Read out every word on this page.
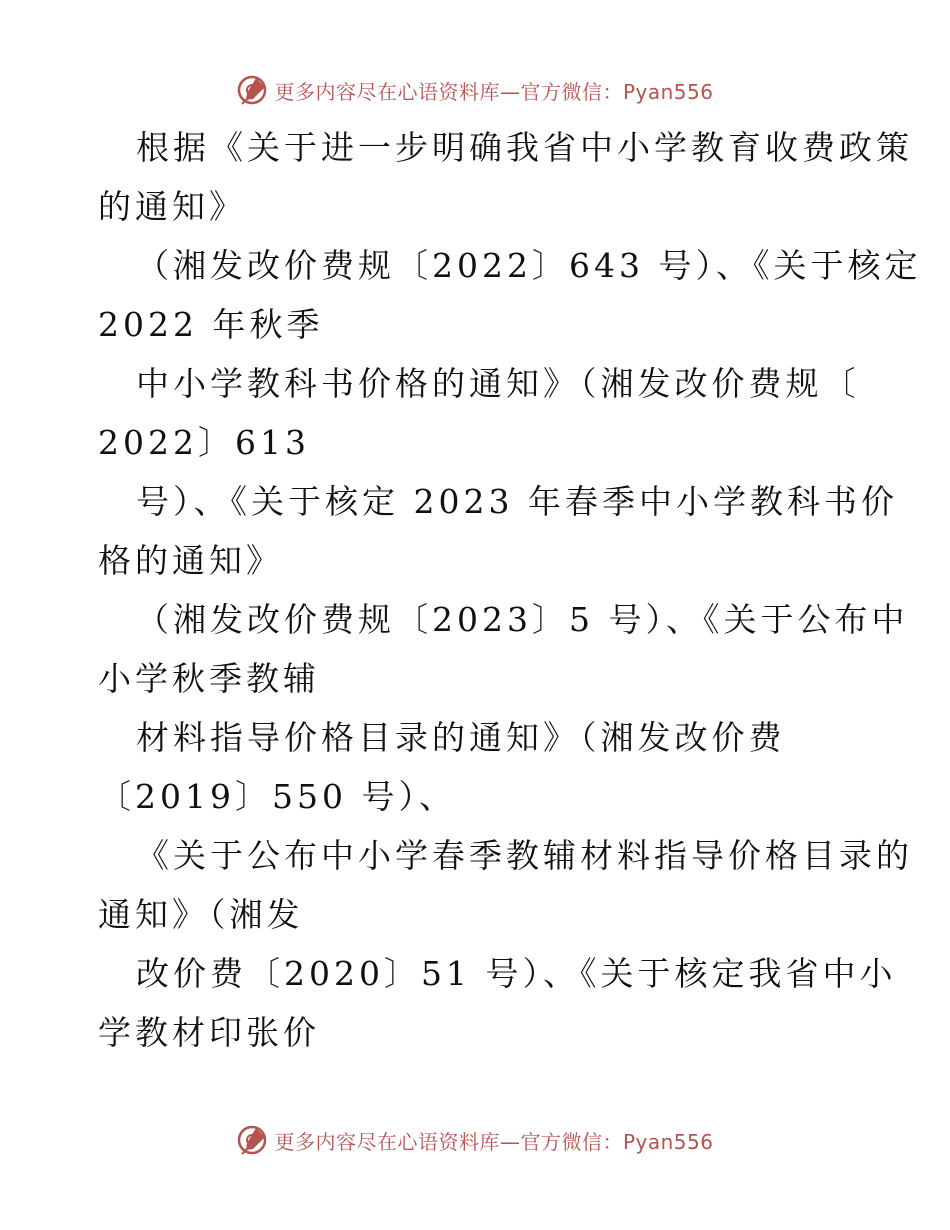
更多内容尽在心语资料库—官方微信：Pyan556
根据《关于进一步明确我省中小学教育收费政策
的通知》
（湘发改价费规〔2022〕643 号）、《关于核定
2022 年秋季
中小学教科书价格的通知》（湘发改价费规〔
2022〕613
号）、《关于核定 2023 年春季中小学教科书价
格的通知》
（湘发改价费规〔2023〕5 号）、《关于公布中
小学秋季教辅
材料指导价格目录的通知》（湘发改价费
〔2019〕550 号）、
《关于公布中小学春季教辅材料指导价格目录的
通知》（湘发
改价费〔2020〕51 号）、《关于核定我省中小
学教材印张价
更多内容尽在心语资料库—官方微信：Pyan556
